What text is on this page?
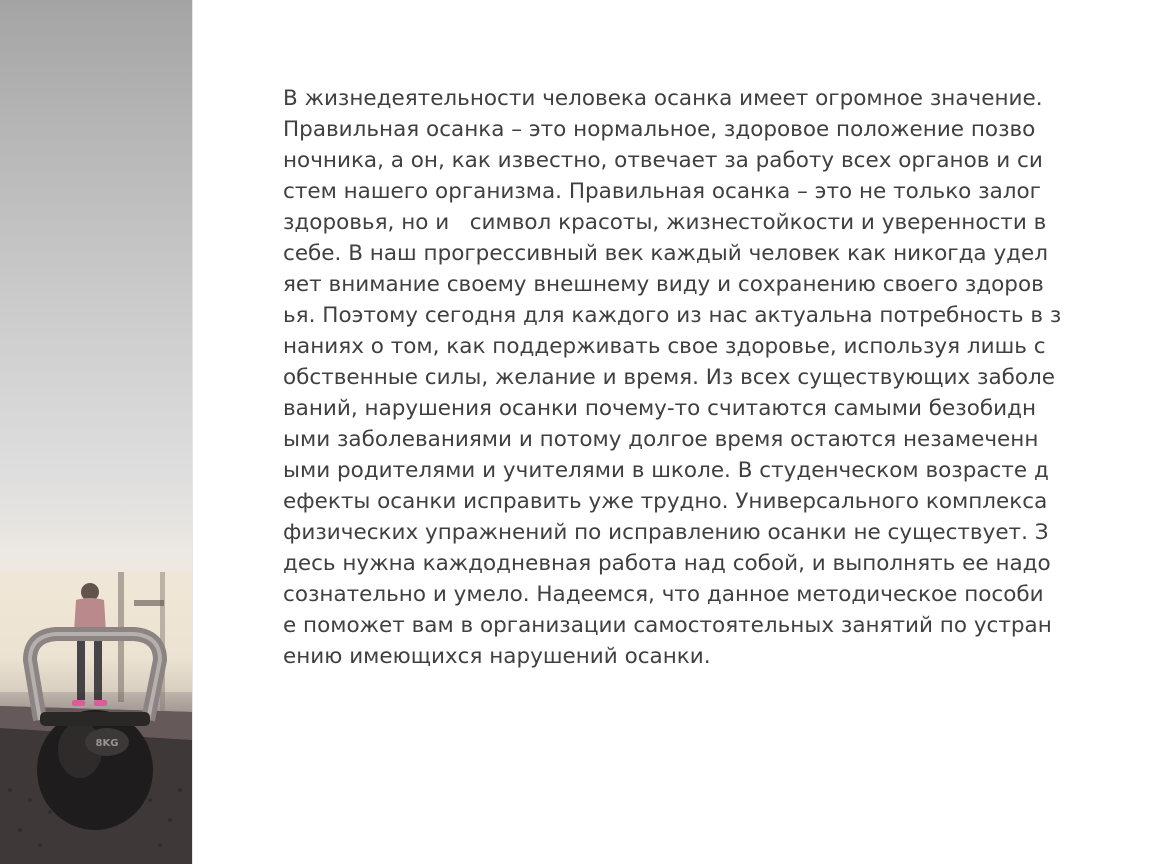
8KG
В жизнедеятельности человека осанка имеет огромное значение.
Правильная осанка – это нормальное, здоровое положение позво
ночника, а он, как известно, отвечает за работу всех органов и си
стем нашего организма. Правильная осанка – это не только залог
здоровья, но и   символ красоты, жизнестойкости и уверенности в
себе. В наш прогрессивный век каждый человек как никогда удел
яет внимание своему внешнему виду и сохранению своего здоров
ья. Поэтому сегодня для каждого из нас актуальна потребность в з
наниях о том, как поддерживать свое здоровье, используя лишь с
обственные силы, желание и время. Из всех существующих заболе
ваний, нарушения осанки почему-то считаются самыми безобидн
ыми заболеваниями и потому долгое время остаются незамеченн
ыми родителями и учителями в школе. В студенческом возрасте д
ефекты осанки исправить уже трудно. Универсального комплекса
физических упражнений по исправлению осанки не существует. З
десь нужна каждодневная работа над собой, и выполнять ее надо
сознательно и умело. Надеемся, что данное методическое пособи
е поможет вам в организации самостоятельных занятий по устран
ению имеющихся нарушений осанки.
